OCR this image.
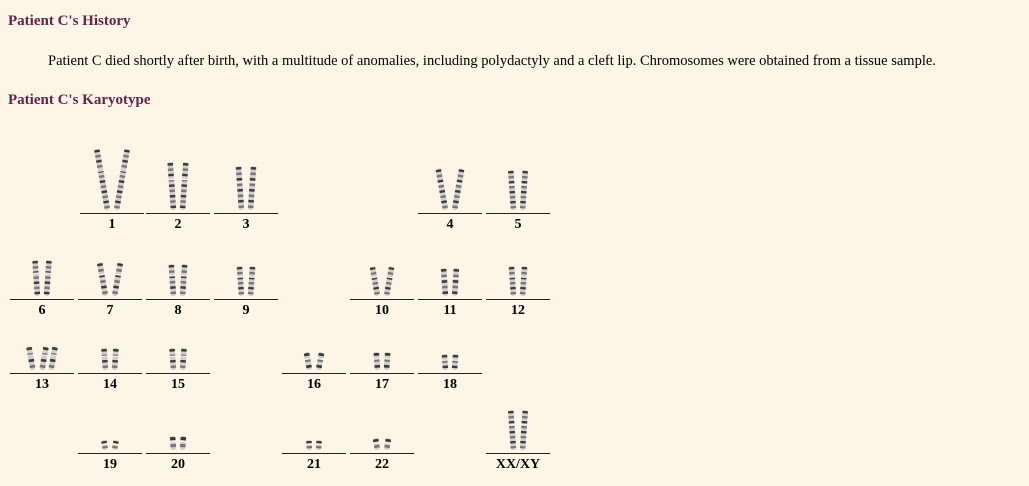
Patient C's History

Patient C died shortly after birth, with a multitude of anomalies, including polydactyly and a cleft lip. Chromosomes were obtained from a tissue sample.

Patient C's Karyotype
1	2	3	4	5
6	7	8	9	10	11	12
13	14	15	16	17	18
19	20	21	22	XX/XY
